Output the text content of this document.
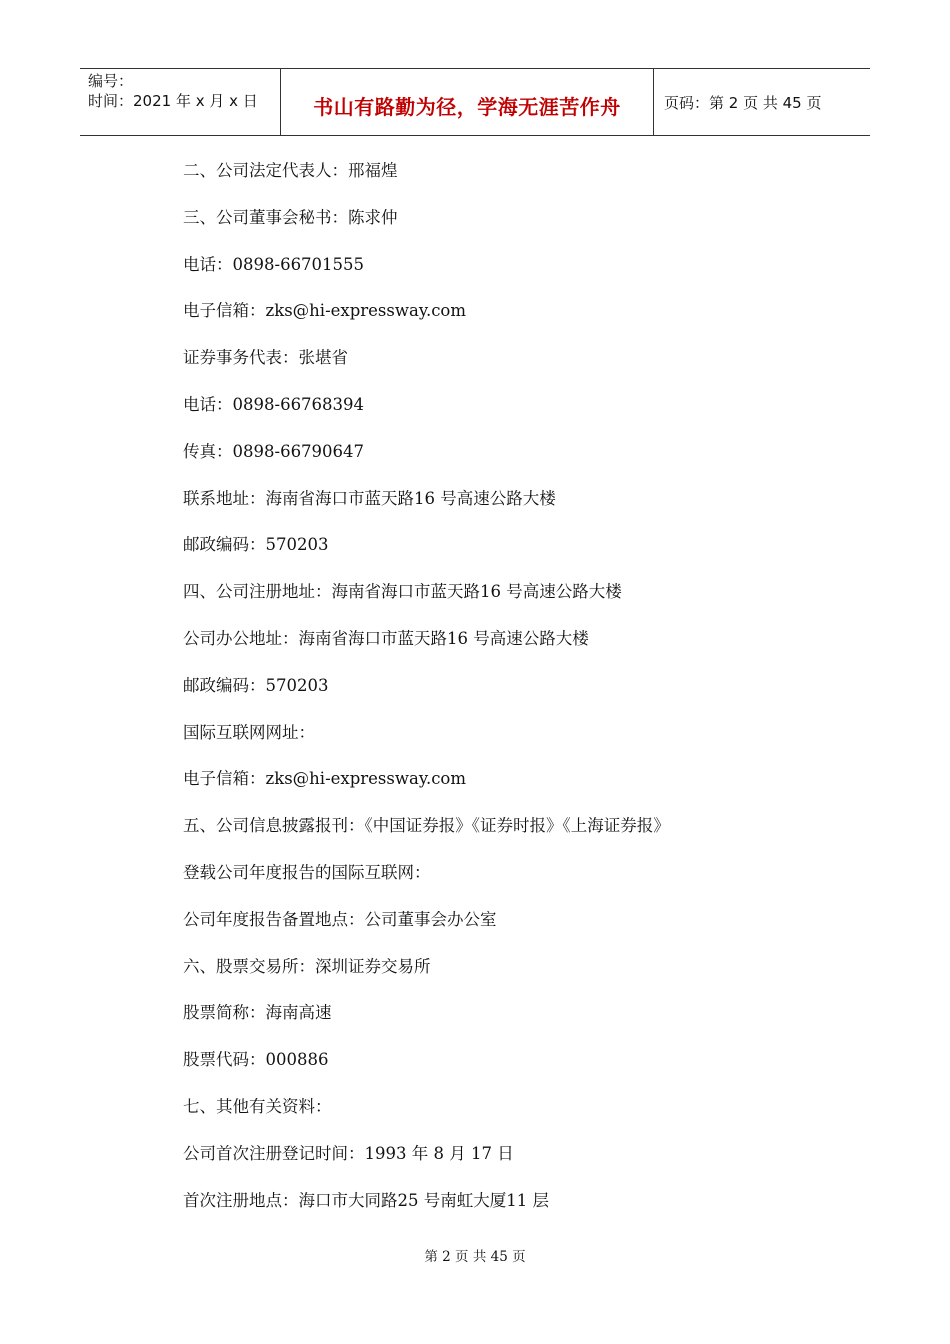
编号：
时间：2021 年 x 月 x 日	书山有路勤为径，学海无涯苦作舟	页码：第 2 页 共 45 页
二、公司法定代表人：邢福煌
三、公司董事会秘书：陈求仲
电话：0898-66701555
电子信箱：zks@hi-expressway.com
证券事务代表：张堪省
电话：0898-66768394
传真：0898-66790647
联系地址：海南省海口市蓝天路16 号高速公路大楼
邮政编码：570203
四、公司注册地址：海南省海口市蓝天路16 号高速公路大楼
公司办公地址：海南省海口市蓝天路16 号高速公路大楼
邮政编码：570203
国际互联网网址：
电子信箱：zks@hi-expressway.com
五、公司信息披露报刊：《中国证券报》《证券时报》《上海证券报》
登载公司年度报告的国际互联网：
公司年度报告备置地点：公司董事会办公室
六、股票交易所：深圳证券交易所
股票简称：海南高速
股票代码：000886
七、其他有关资料：
公司首次注册登记时间：1993 年 8 月 17 日
首次注册地点：海口市大同路25 号南虹大厦11 层
第 2 页 共 45 页
